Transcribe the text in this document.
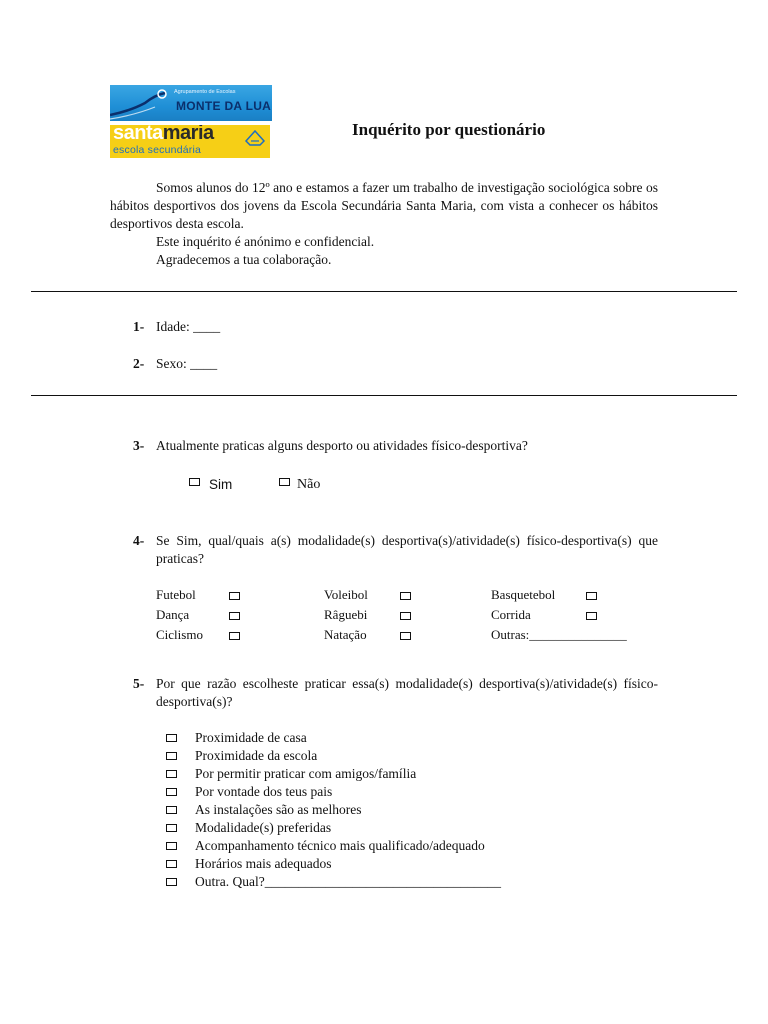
Agrupamento de Escolas
MONTE DA LUA
santamaria
escola secundária
Inquérito por questionário

Somos alunos do 12º ano e estamos a fazer um trabalho de investigação sociológica sobre os hábitos desportivos dos jovens da Escola Secundária Santa Maria, com vista a conhecer os hábitos desportivos desta escola.

Este inquérito é anónimo e confidencial.

Agradecemos a tua colaboração.

1- Idade: ____
2- Sexo: ____
3- Atualmente praticas alguns desporto ou atividades físico-desportiva?
Sim	Não
4- Se Sim, qual/quais a(s) modalidade(s) desportiva(s)/atividade(s) físico-desportiva(s) que praticas?
Futebol
Dança
Ciclismo
Voleibol
Râguebi
Natação
Basquetebol
Corrida
Outras:_______________
5- Por que razão escolheste praticar essa(s) modalidade(s) desportiva(s)/atividade(s) físico-desportiva(s)?
Proximidade de casa
Proximidade da escola
Por permitir praticar com amigos/família
Por vontade dos teus pais
As instalações são as melhores
Modalidade(s) preferidas
Acompanhamento técnico mais qualificado/adequado
Horários mais adequados
Outra. Qual?___________________________________
